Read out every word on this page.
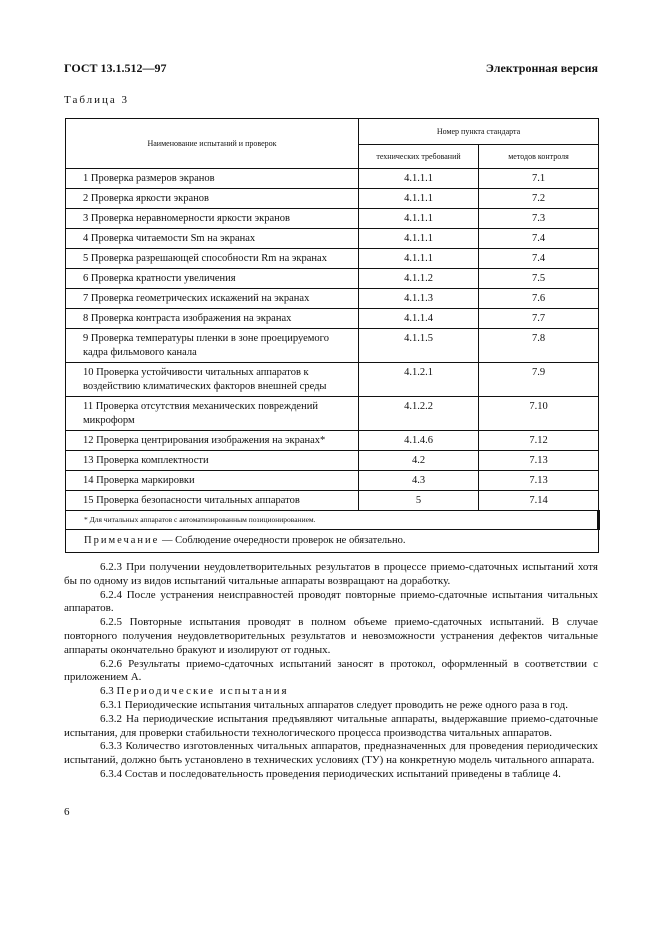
ГОСТ 13.1.512—97	Электронная версия
Таблица 3
Наименование испытаний и проверок	Номер пункта стандарта	
	технических требований	методов контроля
1 Проверка размеров экранов	4.1.1.1	7.1
2 Проверка яркости экранов	4.1.1.1	7.2
3 Проверка неравномерности яркости экранов	4.1.1.1	7.3
4 Проверка читаемости Sm на экранах	4.1.1.1	7.4
5 Проверка разрешающей способности Rm на экранах	4.1.1.1	7.4
6 Проверка кратности увеличения	4.1.1.2	7.5
7 Проверка геометрических искажений на экранах	4.1.1.3	7.6
8 Проверка контраста изображения на экранах	4.1.1.4	7.7
9 Проверка температуры пленки в зоне проецируемого кадра фильмового канала	4.1.1.5	7.8
10 Проверка устойчивости читальных аппаратов к воздействию климатических факторов внешней среды	4.1.2.1	7.9
11 Проверка отсутствия механических повреждений микроформ	4.1.2.2	7.10
12 Проверка центрирования изображения на экранах*	4.1.4.6	7.12
13 Проверка комплектности	4.2	7.13
14 Проверка маркировки	4.3	7.13
15 Проверка безопасности читальных аппаратов	5	7.14
* Для читальных аппаратов с автоматизированным позиционированием.		
Примечание — Соблюдение очередности проверок не обязательно.		

6.2.3 При получении неудовлетворительных результатов в процессе приемо-сдаточных испытаний хотя бы по одному из видов испытаний читальные аппараты возвращают на доработку.

6.2.4 После устранения неисправностей проводят повторные приемо-сдаточные испытания читальных аппаратов.

6.2.5 Повторные испытания проводят в полном объеме приемо-сдаточных испытаний. В случае повторного получения неудовлетворительных результатов и невозможности устранения дефектов читальные аппараты окончательно бракуют и изолируют от годных.

6.2.6 Результаты приемо-сдаточных испытаний заносят в протокол, оформленный в соответствии с приложением А.

6.3 Периодические испытания

6.3.1 Периодические испытания читальных аппаратов следует проводить не реже одного раза в год.

6.3.2 На периодические испытания предъявляют читальные аппараты, выдержавшие приемо-сдаточные испытания, для проверки стабильности технологического процесса производства читальных аппаратов.

6.3.3 Количество изготовленных читальных аппаратов, предназначенных для проведения периодических испытаний, должно быть установлено в технических условиях (ТУ) на конкретную модель читального аппарата.

6.3.4 Состав и последовательность проведения периодических испытаний приведены в таблице 4.

6
